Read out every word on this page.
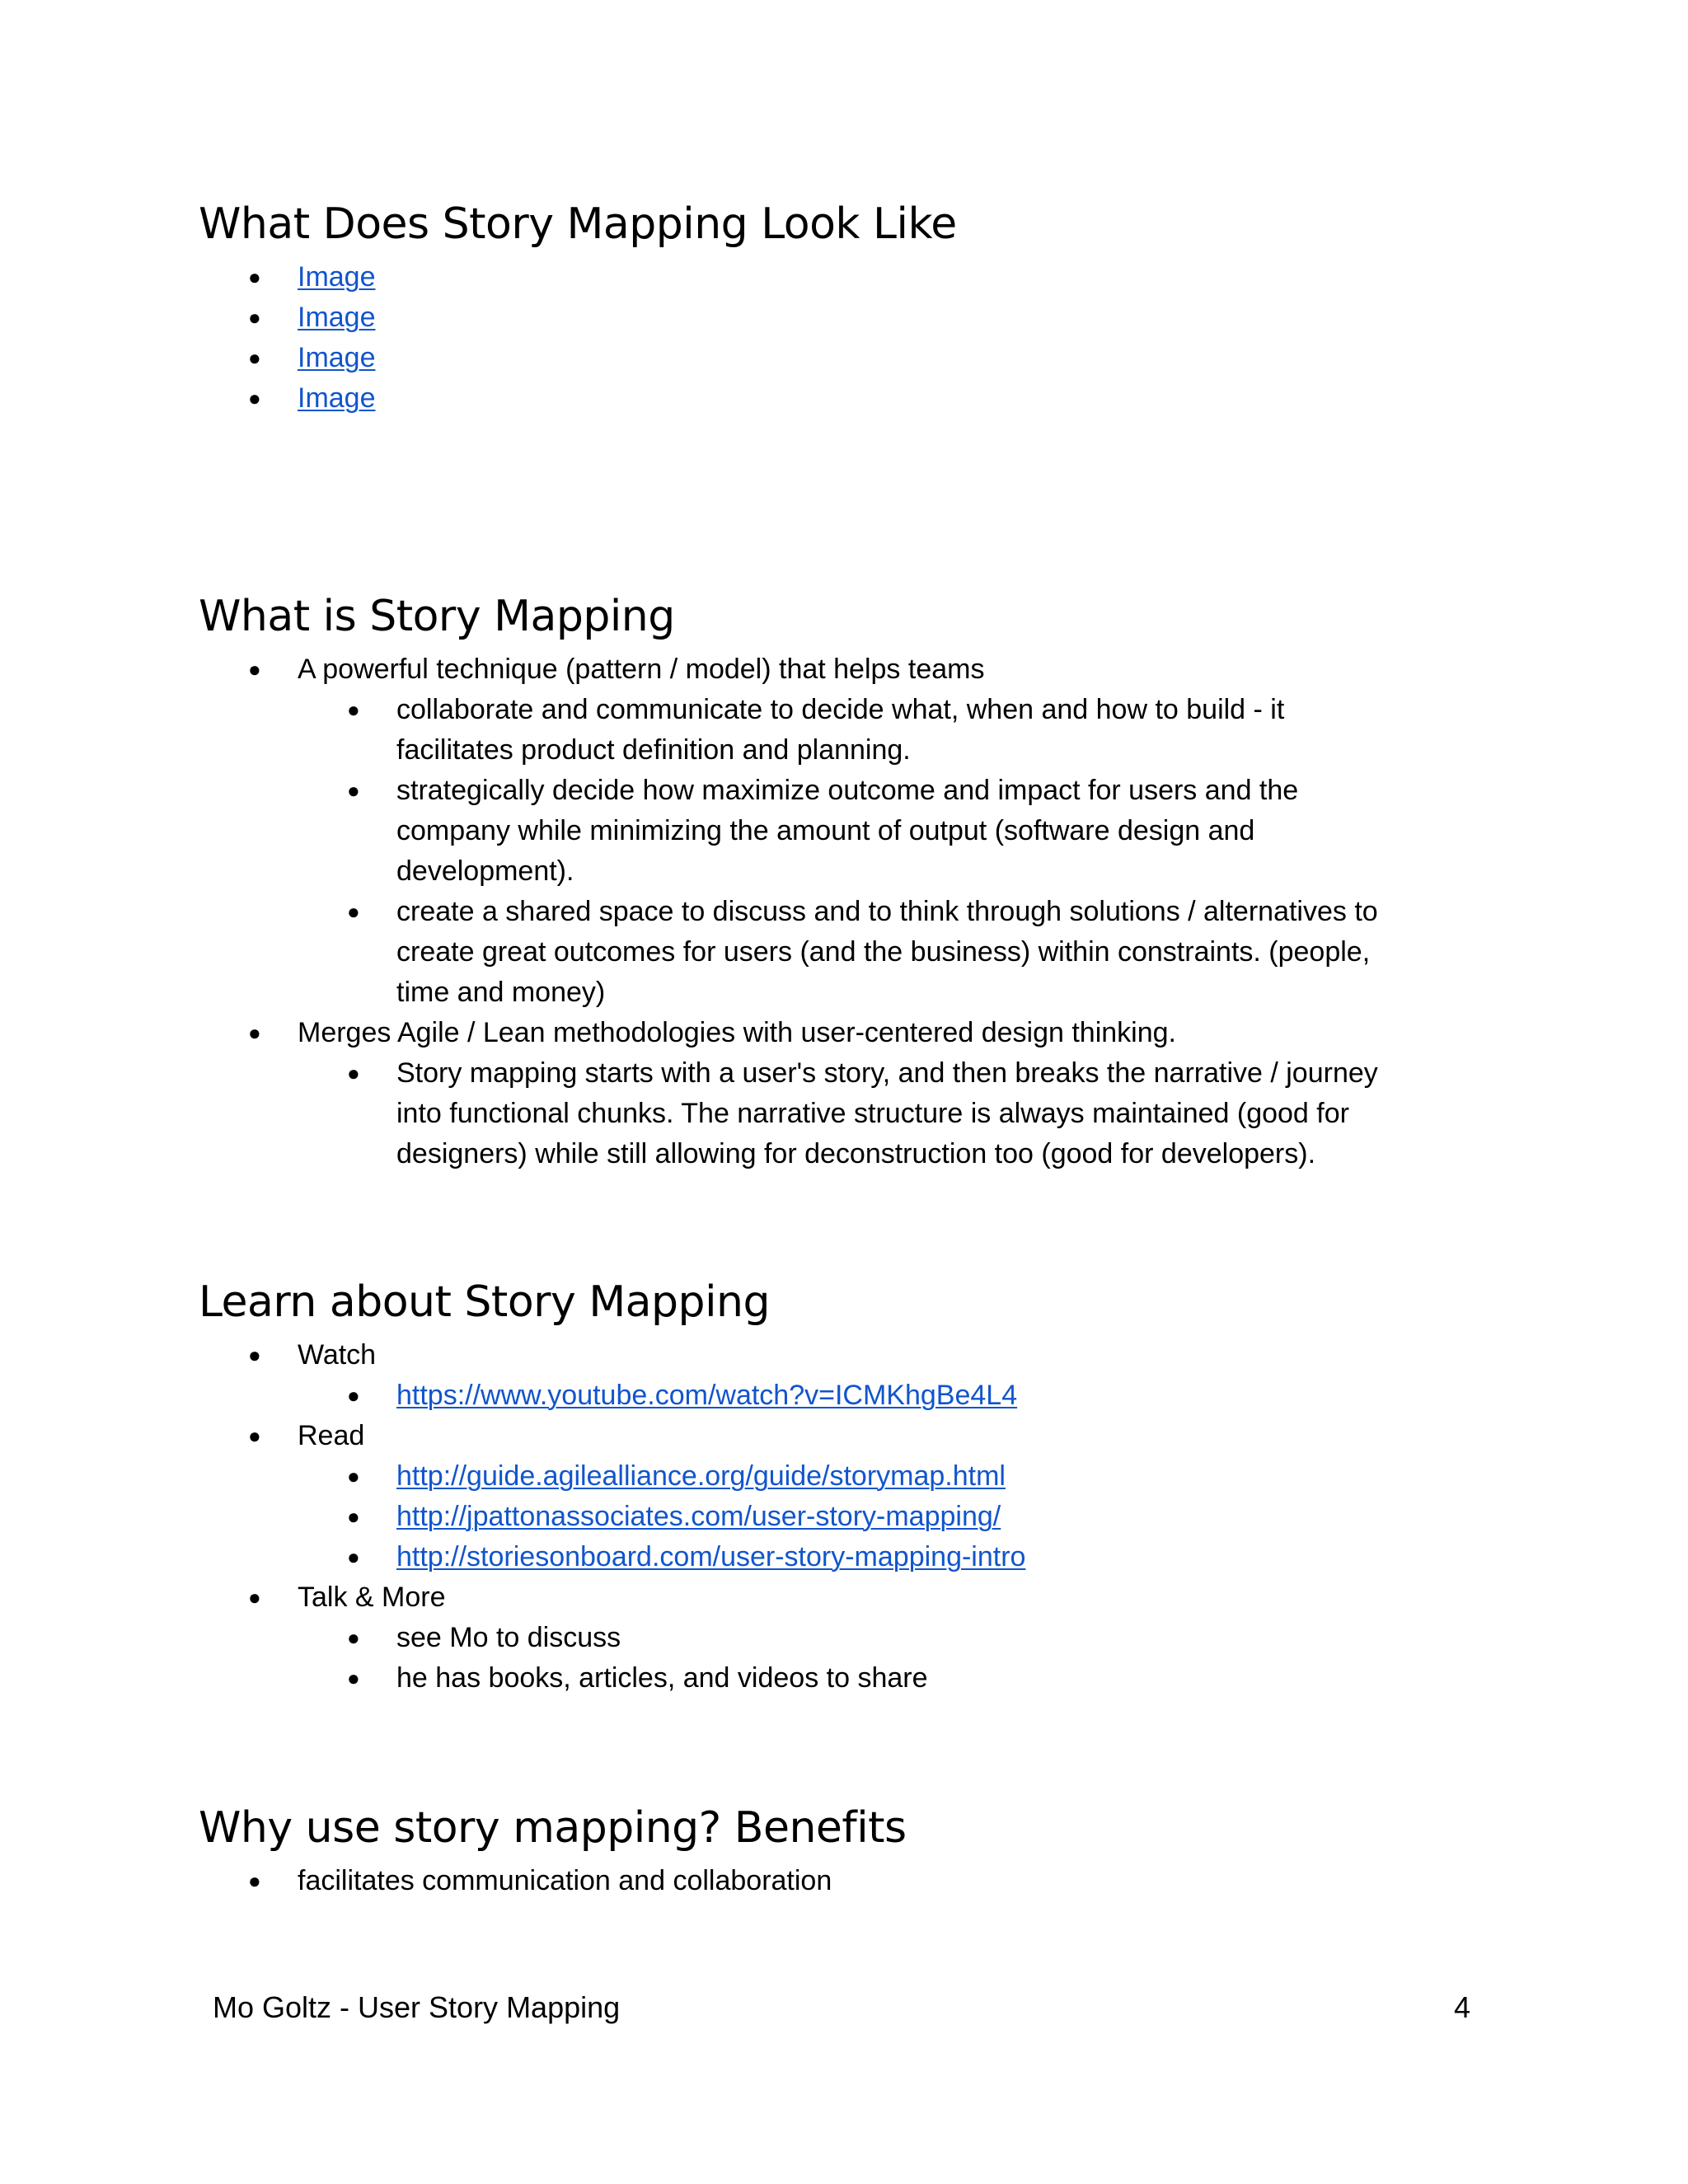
What Does Story Mapping Look Like
● Image
● Image
● Image
● Image
What is Story Mapping
● A powerful technique (pattern / model) that helps teams
● collaborate and communicate to decide what, when and how to build - it
facilitates product definition and planning.
● strategically decide how maximize outcome and impact for users and the
company while minimizing the amount of output (software design and
development).
● create a shared space to discuss and to think through solutions / alternatives to
create great outcomes for users (and the business) within constraints. (people,
time and money)
● Merges Agile / Lean methodologies with user-centered design thinking.
● Story mapping starts with a user's story, and then breaks the narrative / journey
into functional chunks. The narrative structure is always maintained (good for
designers) while still allowing for deconstruction too (good for developers).
Learn about Story Mapping
● Watch
● https://www.youtube.com/watch?v=ICMKhgBe4L4
● Read
● http://guide.agilealliance.org/guide/storymap.html
● http://jpattonassociates.com/user-story-mapping/
● http://storiesonboard.com/user-story-mapping-intro
● Talk & More
● see Mo to discuss
● he has books, articles, and videos to share
Why use story mapping? Benefits
● facilitates communication and collaboration
Mo Goltz - User Story Mapping	4
